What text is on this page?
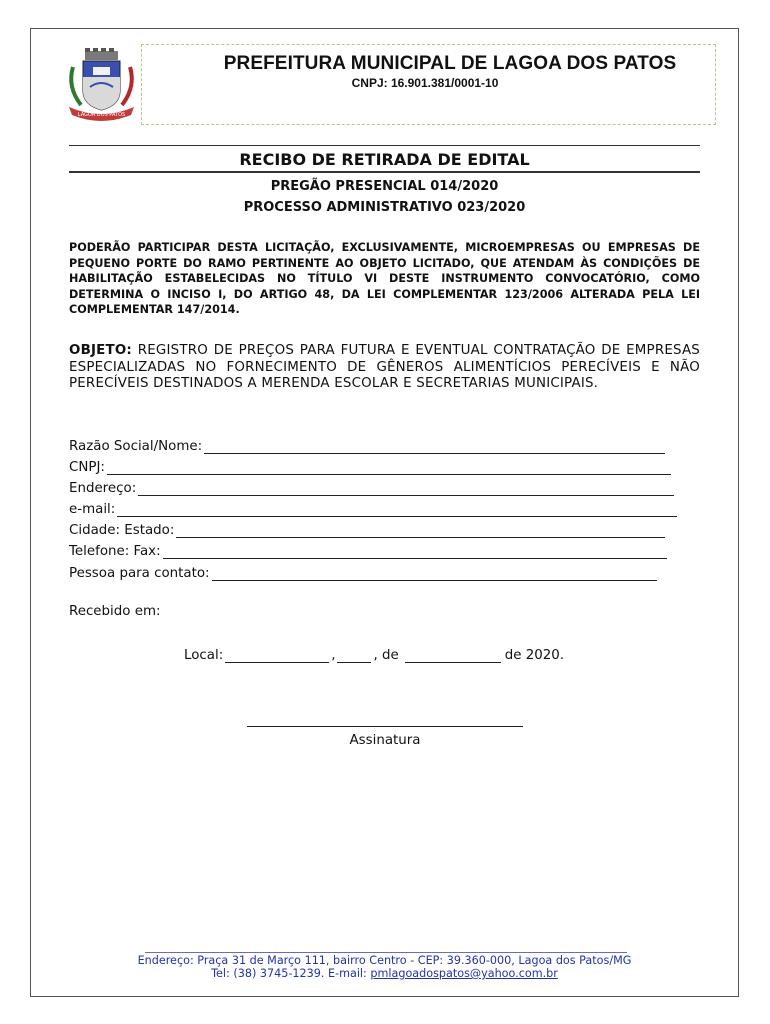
LAGOA DOS PATOS
PREFEITURA MUNICIPAL DE LAGOA DOS PATOS
CNPJ: 16.901.381/0001-10
RECIBO DE RETIRADA DE EDITAL
PREGÃO PRESENCIAL 014/2020
PROCESSO ADMINISTRATIVO 023/2020
PODERÃO PARTICIPAR DESTA LICITAÇÃO, EXCLUSIVAMENTE, MICROEMPRESAS OU EMPRESAS DE PEQUENO PORTE DO RAMO PERTINENTE AO OBJETO LICITADO, QUE ATENDAM ÀS CONDIÇÕES DE HABILITAÇÃO ESTABELECIDAS NO TÍTULO VI DESTE INSTRUMENTO CONVOCATÓRIO, COMO DETERMINA O INCISO I, DO ARTIGO 48, DA LEI COMPLEMENTAR 123/2006 ALTERADA PELA LEI COMPLEMENTAR 147/2014.
OBJETO: REGISTRO DE PREÇOS PARA FUTURA E EVENTUAL CONTRATAÇÃO DE EMPRESAS ESPECIALIZADAS NO FORNECIMENTO DE GÊNEROS ALIMENTÍCIOS PERECÍVEIS E NÃO PERECÍVEIS DESTINADOS A MERENDA ESCOLAR E SECRETARIAS MUNICIPAIS.
Razão Social/Nome:
CNPJ:
Endereço:
e-mail:
Cidade: Estado:
Telefone: Fax:
Pessoa para contato:
Recebido em:
Local:	,	, de	de 2020.
Assinatura
Endereço: Praça 31 de Março 111, bairro Centro - CEP: 39.360-000, Lagoa dos Patos/MG
Tel: (38) 3745-1239. E-mail: pmlagoadospatos@yahoo.com.br
